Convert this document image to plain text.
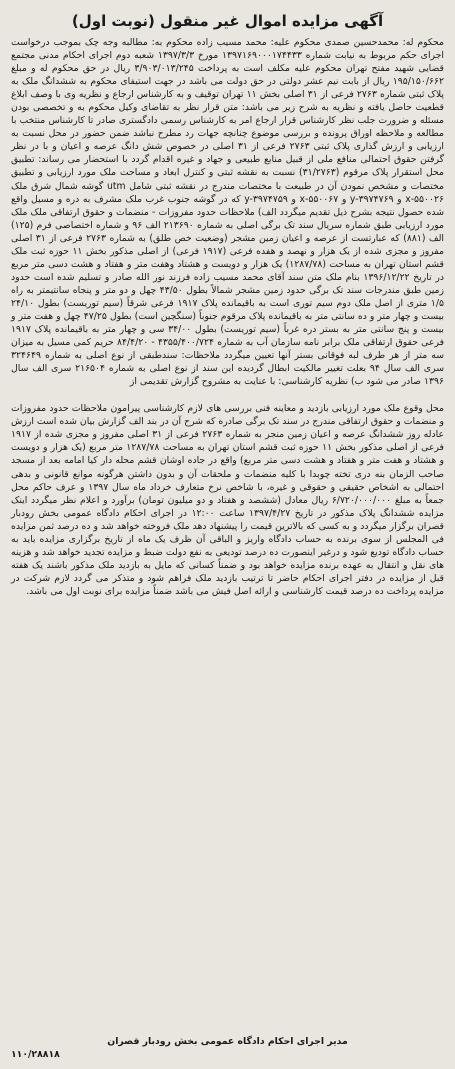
آگهی مزایده اموال غیر منقول (نوبت اول)

محکوم له: محمدحسین صمدی محکوم علیه: محمد مسیب زاده محکوم به: مطالبه وجه چک بموجب درخواست اجرای حکم مربوط به نیابت شماره ۱۳۹۷۱۶۹۰۰۰۱۷۴۴۳۳ مورخ ۱۳۹۷/۳/۳ شعبه دوم اجرای احکام مدنی مجتمع قضایی شهید مفتح تهران محکوم علیه مکلف است به پرداخت ۳/۹۰۳/۰۱۳/۲۴۵ ریال در حق محکوم له و مبلغ ۱۹۵/۱۵۰/۶۶۲ ریال از بابت نیم عشر دولتی در حق دولت می باشد در جهت استیفای محکوم به ششدانگ ملک به پلاک ثبتی شماره ۲۷۶۳ فرعی از ۳۱ اصلی بخش ۱۱ تهران توقیف و به کارشناس ارجاع و نظریه وی با وصف ابلاغ قطعیت حاصل یافته و نظریه به شرح زیر می باشد: متن قرار نظر به تقاضای وکیل محکوم به و تخصصی بودن مسئله و ضرورت جلب نظر کارشناس قرار ارجاع امر به کارشناس رسمی دادگستری صادر تا کارشناس منتخب با مطالعه و ملاحظه اوراق پرونده و بررسی موضوع چنانچه جهات رد مطرح نباشد ضمن حضور در محل نسبت به ارزیابی و ارزش گذاری پلاک ثبتی ۲۷۶۳ فرعی از ۳۱ اصلی در خصوص شش دانگ عرصه و اعیان و با در نظر گرفتن حقوق احتمالی منافع ملی از قبیل منابع طبیعی و جهاد و غیره اقدام گردد با استحضار می رساند: تطبیق محل استقرار پلاک مرقوم (۳۱/۲۷۶۳) نسبت به نقشه ثبتی و کنترل ابعاد و مساحت ملک مورد ارزیابی و تطبیق مختصات و مشخص نمودن آن در طبیعت با مختصات مندرج در نقشه ثبتی شامل utm گوشه شمال شرق ملک x-۵۵۰۰۲۶ و y-۳۹۷۴۷۶۹ و x-۵۵۰۰۶۷ و y-۳۹۷۴۷۵۹ که در گوشه جنوب غرب ملک مشرف به دره و مسیل واقع شده حصول نتیجه بشرح ذیل تقدیم میگردد الف) ملاحظات حدود مفروزات - منضمات و حقوق ارتفاقی ملک ملک مورد ارزیابی طبق شماره سریال سند تک برگی اصلی به شماره ۲۱۳۶۹۰ الف ۹۶ و شماره اختصاصی فرم (۱۲۵) الف (۸۸۱) که عبارتست از عرصه و اعیان زمین مشجر (وضعیت خص طلق) به شماره ۲۷۶۳ فرعی از ۳۱ اصلی مفروز و مجزی شده از یک هزار و نهصد و هفده فرعی (۱۹۱۷ فرعی) از اصلی مذکور بخش ۱۱ حوزه ثبت ملک قشم استان تهران به مساحت (۱۲۸۷/۷۸) یک هزار و دویست و هشتاد وهفت متر و هفتاد و هشت دسی متر مربع در تاریخ ۱۳۹۶/۱۲/۲۲ بنام ملک متن سند آقای محمد مسیب زاده فرزند نور الله صادر و تسلیم شده است حدود زمین طبق مندرجات سند تک برگی حدود زمین مشجر شمالاً بطول ۴۳/۵۰ چهل و دو متر و پنجاه سانتیمتر به راه ۱/۵ متری از اصل ملک دوم سیم توری است به باقیمانده پلاک ۱۹۱۷ فرعی شرقاً (سیم توریست) بطول ۲۴/۱۰ بیست و چهار متر و ده سانتی متر به باقیمانده پلاک مرقوم جنوباً (سنگچین است) بطول ۴۷/۲۵ چهل و هفت متر و بیست و پنج سانتی متر به بستر دره غرباً (سیم توریست) بطول ۳۴/۰۰ سی و چهار متر به باقیمانده پلاک ۱۹۱۷ فرعی حقوق ارتفاقی ملک برابر نامه سازمان آب به شماره ۴۳۵۵/۴۰۰/۷۲۴ - ۸۴/۴/۲۰ حریم کمی مسیل به میزان سه متر از هر طرف لبه فوقانی بستر آنها تعیین میگردد ملاحظات: سندطبقی از نوع اصلی به شماره ۳۲۴۶۴۹ سری الف سال ۹۴ بعلت تغییر مالکیت ابطال گردیده این سند از نوع اصلی به شماره ۲۱۶۵۰۴ سری الف سال ۱۳۹۶ صادر می شود ب) نظریه کارشناسی: با عنایت به مشروح گزارش تقدیمی از

محل وقوع ملک مورد ارزیابی بازدید و معاینه فنی بررسی های لازم کارشناسی پیرامون ملاحظات حدود مفروزات و منضمات و حقوق ارتفاقی مندرج در سند تک برگی صادره که شرح آن در بند الف گزارش بیان شده است ارزش عادله روز ششدانگ عرصه و اعیان زمین منجر به شماره ۲۷۶۳ فرعی از ۳۱ اصلی مفروز و مجزی شده از ۱۹۱۷ فرعی از اصلی مذکور بخش ۱۱ حوزه ثبت قشم استان تهران به مساحت ۱۲۸۷/۷۸ متر مربع (یک هزار و دویست و هشتاد و هفت متر و هفتاد و هشت دسی متر مربع) واقع در جاده اوشان قشم محله دار کیا امامه بعد از مسجد صاحب الزمان بنه دری تخته چوبدا با کلیه منضمات و ملحقات آن و بدون داشتن هرگونه موانع قانونی و بدهی احتمالی به اشخاص حقیقی و حقوقی و غیره، با شاخص نرخ متعارف خرداد ماه سال ۱۳۹۷ و عرف حاکم محل جمعاً به مبلغ ۶/۷۲۰/۰۰۰/۰۰۰ ریال معادل (ششصد و هفتاد و دو میلیون تومان) برآورد و اعلام نظر میگردد اینک مزایده ششدانگ پلاک مذکور در تاریخ ۱۳۹۷/۴/۲۷ ساعت ۱۲:۰۰ در اجرای احکام دادگاه عمومی بخش رودبار قصران برگزار میگردد و به کسی که بالاترین قیمت را پیشنهاد دهد ملک فروخته خواهد شد و ده درصد ثمن مزایده فی المجلس از سوی برنده به حساب دادگاه واریز و الباقی آن ظرف یک ماه از تاریخ برگزاری مزایده باید به حساب دادگاه تودیع شود و درغیر اینصورت ده درصد تودیعی به نفع دولت ضبط و مزایده تجدید خواهد شد و هزینه های نقل و انتقال به عهده برنده مزایده خواهد بود و ضمناً کسانی که مایل به بازدید ملک مذکور باشند یک هفته قبل از مزایده در دفتر اجرای احکام حاضر تا ترتیب بازدید ملک فراهم شود و متذکر می گردد لازم شرکت در مزایده پرداخت ده درصد قیمت کارشناسی و ارائه اصل فیش می باشد ضمناً مزایده برای نوبت اول می باشد.

مدیر اجرای احکام دادگاه عمومی بخش رودبار قصران
۱۱۰/۲۸۸۱۸
